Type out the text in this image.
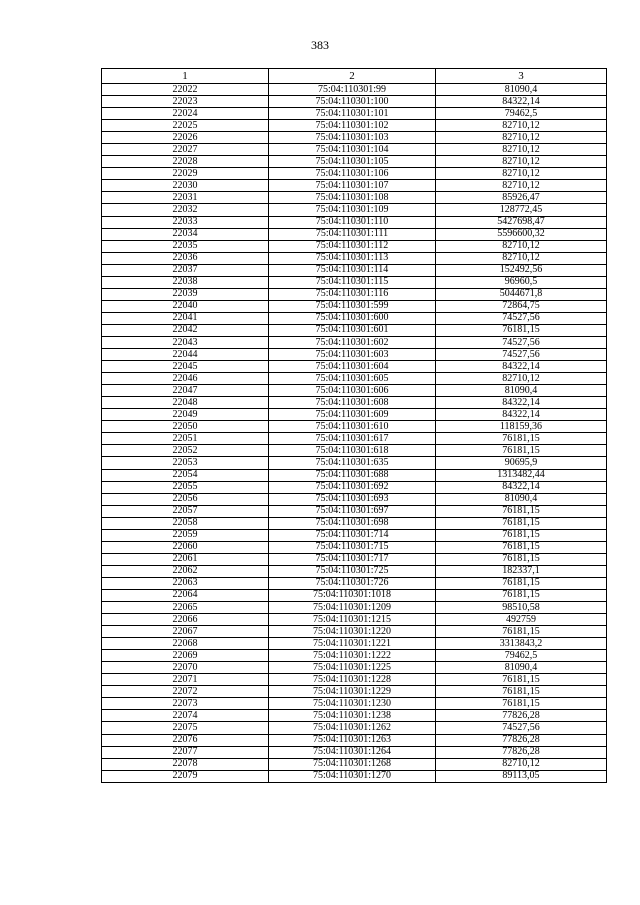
383
1	2	3
22022	75:04:110301:99	81090,4
22023	75:04:110301:100	84322,14
22024	75:04:110301:101	79462,5
22025	75:04:110301:102	82710,12
22026	75:04:110301:103	82710,12
22027	75:04:110301:104	82710,12
22028	75:04:110301:105	82710,12
22029	75:04:110301:106	82710,12
22030	75:04:110301:107	82710,12
22031	75:04:110301:108	85926,47
22032	75:04:110301:109	128772,45
22033	75:04:110301:110	5427698,47
22034	75:04:110301:111	5596600,32
22035	75:04:110301:112	82710,12
22036	75:04:110301:113	82710,12
22037	75:04:110301:114	152492,56
22038	75:04:110301:115	96960,5
22039	75:04:110301:116	5044671,8
22040	75:04:110301:599	72864,75
22041	75:04:110301:600	74527,56
22042	75:04:110301:601	76181,15
22043	75:04:110301:602	74527,56
22044	75:04:110301:603	74527,56
22045	75:04:110301:604	84322,14
22046	75:04:110301:605	82710,12
22047	75:04:110301:606	81090,4
22048	75:04:110301:608	84322,14
22049	75:04:110301:609	84322,14
22050	75:04:110301:610	118159,36
22051	75:04:110301:617	76181,15
22052	75:04:110301:618	76181,15
22053	75:04:110301:635	90695,9
22054	75:04:110301:688	1313482,44
22055	75:04:110301:692	84322,14
22056	75:04:110301:693	81090,4
22057	75:04:110301:697	76181,15
22058	75:04:110301:698	76181,15
22059	75:04:110301:714	76181,15
22060	75:04:110301:715	76181,15
22061	75:04:110301:717	76181,15
22062	75:04:110301:725	182337,1
22063	75:04:110301:726	76181,15
22064	75:04:110301:1018	76181,15
22065	75:04:110301:1209	98510,58
22066	75:04:110301:1215	492759
22067	75:04:110301:1220	76181,15
22068	75:04:110301:1221	3313843,2
22069	75:04:110301:1222	79462,5
22070	75:04:110301:1225	81090,4
22071	75:04:110301:1228	76181,15
22072	75:04:110301:1229	76181,15
22073	75:04:110301:1230	76181,15
22074	75:04:110301:1238	77826,28
22075	75:04:110301:1262	74527,56
22076	75:04:110301:1263	77826,28
22077	75:04:110301:1264	77826,28
22078	75:04:110301:1268	82710,12
22079	75:04:110301:1270	89113,05
